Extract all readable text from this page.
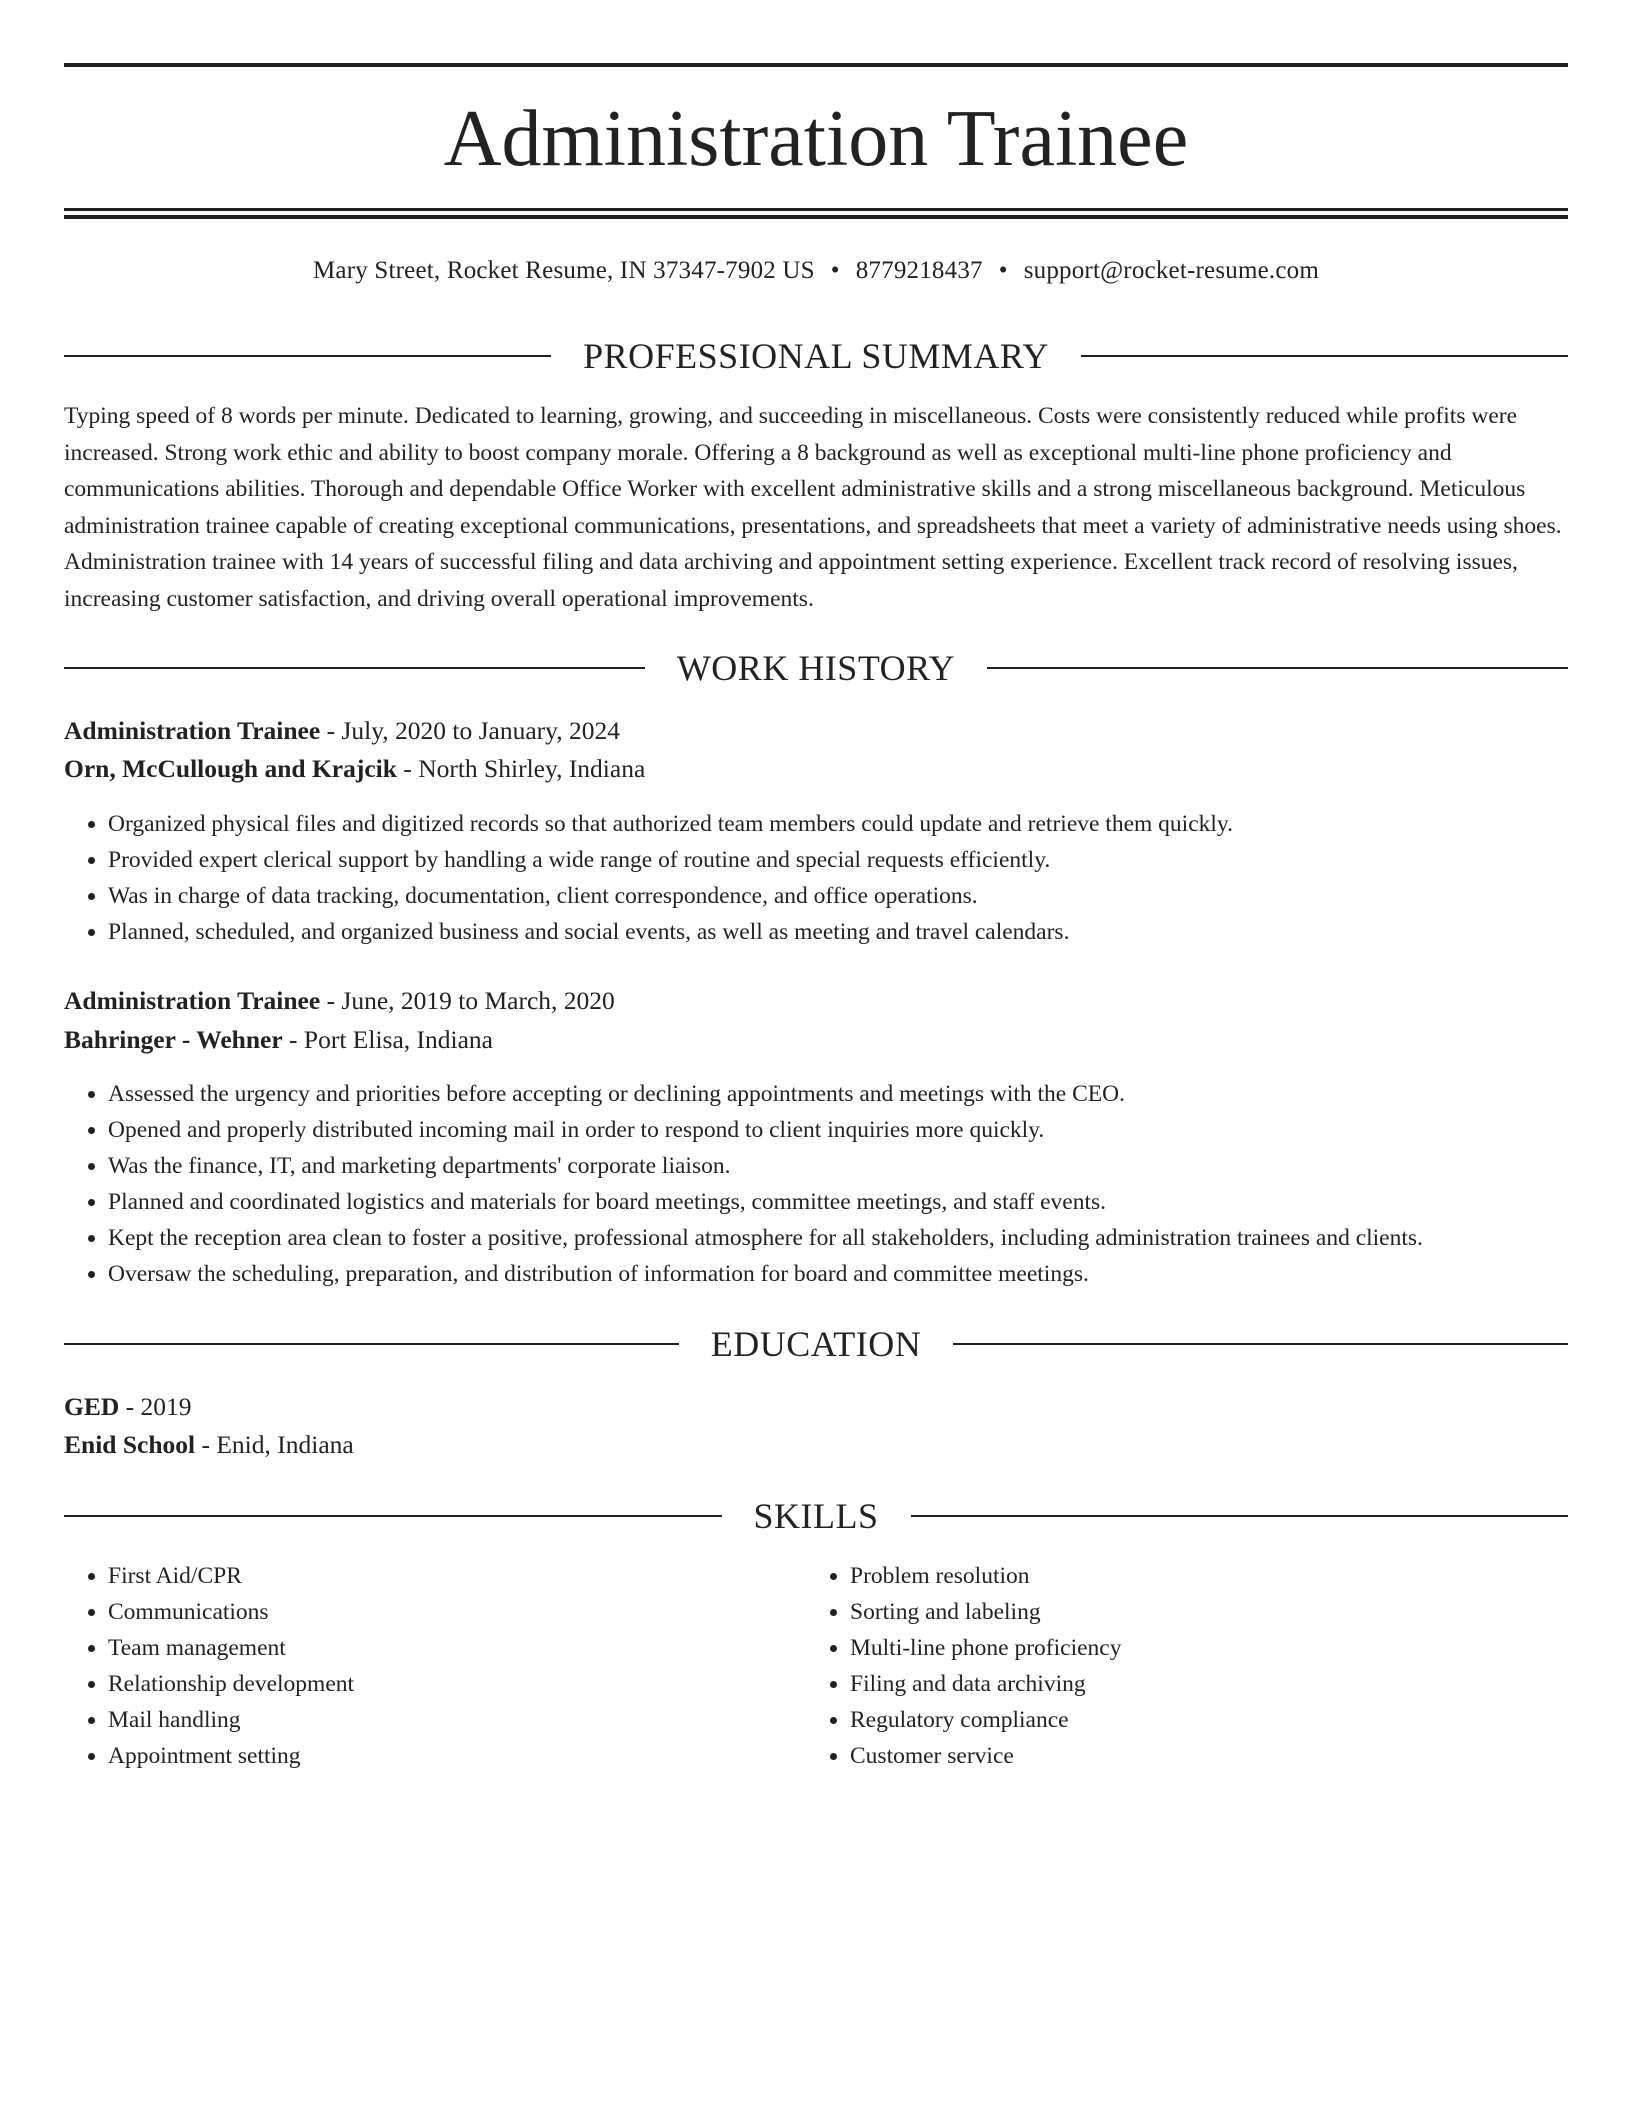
Administration Trainee
Mary Street, Rocket Resume, IN 37347-7902 US • 8779218437 • support@rocket-resume.com
PROFESSIONAL SUMMARY

Typing speed of 8 words per minute. Dedicated to learning, growing, and succeeding in miscellaneous. Costs were consistently reduced while profits were increased. Strong work ethic and ability to boost company morale. Offering a 8 background as well as exceptional multi-line phone proficiency and communications abilities. Thorough and dependable Office Worker with excellent administrative skills and a strong miscellaneous background. Meticulous administration trainee capable of creating exceptional communications, presentations, and spreadsheets that meet a variety of administrative needs using shoes. Administration trainee with 14 years of successful filing and data archiving and appointment setting experience. Excellent track record of resolving issues, increasing customer satisfaction, and driving overall operational improvements.

WORK HISTORY
Administration Trainee - July, 2020 to January, 2024
Orn, McCullough and Krajcik - North Shirley, Indiana
• Organized physical files and digitized records so that authorized team members could update and retrieve them quickly.
• Provided expert clerical support by handling a wide range of routine and special requests efficiently.
• Was in charge of data tracking, documentation, client correspondence, and office operations.
• Planned, scheduled, and organized business and social events, as well as meeting and travel calendars.
Administration Trainee - June, 2019 to March, 2020
Bahringer - Wehner - Port Elisa, Indiana
• Assessed the urgency and priorities before accepting or declining appointments and meetings with the CEO.
• Opened and properly distributed incoming mail in order to respond to client inquiries more quickly.
• Was the finance, IT, and marketing departments' corporate liaison.
• Planned and coordinated logistics and materials for board meetings, committee meetings, and staff events.
• Kept the reception area clean to foster a positive, professional atmosphere for all stakeholders, including administration trainees and clients.
• Oversaw the scheduling, preparation, and distribution of information for board and committee meetings.
EDUCATION
GED - 2019
Enid School - Enid, Indiana
SKILLS
• First Aid/CPR
• Communications
• Team management
• Relationship development
• Mail handling
• Appointment setting
• Problem resolution
• Sorting and labeling
• Multi-line phone proficiency
• Filing and data archiving
• Regulatory compliance
• Customer service
